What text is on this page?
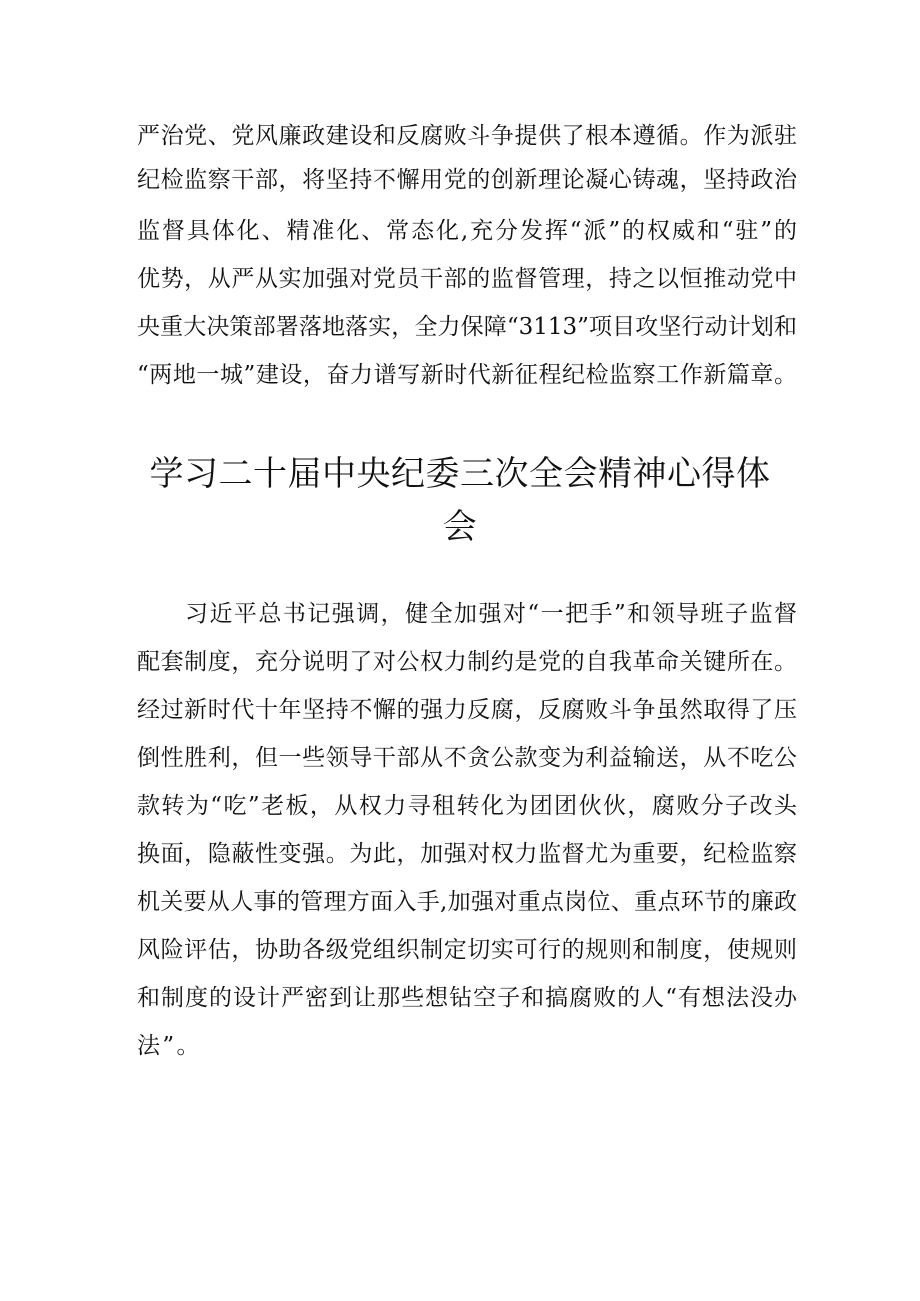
严治党、党风廉政建设和反腐败斗争提供了根本遵循。作为派驻
纪检监察干部，将坚持不懈用党的创新理论凝心铸魂，坚持政治
监督具体化、精准化、常态化,充分发挥“派”的权威和“驻”的
优势，从严从实加强对党员干部的监督管理，持之以恒推动党中
央重大决策部署落地落实，全力保障“3113”项目攻坚行动计划和
“两地一城”建设，奋力谱写新时代新征程纪检监察工作新篇章。
学习二十届中央纪委三次全会精神心得体
会
习近平总书记强调，健全加强对“一把手”和领导班子监督
配套制度，充分说明了对公权力制约是党的自我革命关键所在。
经过新时代十年坚持不懈的强力反腐，反腐败斗争虽然取得了压
倒性胜利，但一些领导干部从不贪公款变为利益输送，从不吃公
款转为“吃”老板，从权力寻租转化为团团伙伙，腐败分子改头
换面，隐蔽性变强。为此，加强对权力监督尤为重要，纪检监察
机关要从人事的管理方面入手,加强对重点岗位、重点环节的廉政
风险评估，协助各级党组织制定切实可行的规则和制度，使规则
和制度的设计严密到让那些想钻空子和搞腐败的人“有想法没办
法”。
